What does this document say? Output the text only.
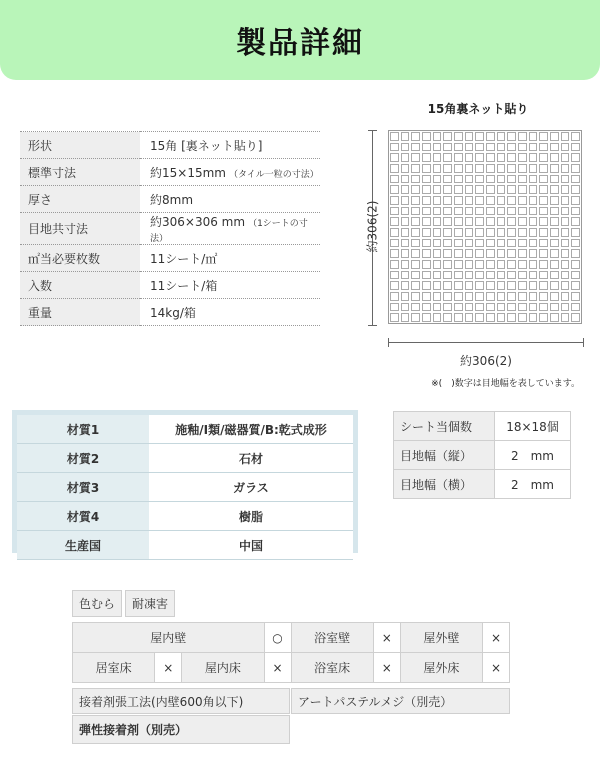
製品詳細
形状	15角 [裏ネット貼り]
標準寸法	約15×15mm （タイル一粒の寸法）
厚さ	約8mm
目地共寸法	約306×306 mm （1シートの寸法）
㎡当必要枚数	11シート/㎡
入数	11シート/箱
重量	14kg/箱
15角裏ネット貼り
約306(2)
約306(2)
※(　)数字は目地幅を表しています。
材質1	施釉/I類/磁器質/B:乾式成形
材質2	石材
材質3	ガラス
材質4	樹脂
生産国	中国
シート当個数	18×18個
目地幅（縦）	2　mm
目地幅（横）	2　mm
色むら	耐凍害
屋内壁			○	浴室壁	×	屋外壁	×
居室床	×	屋内床	×	浴室床	×	屋外床	×
接着剤張工法(内壁600角以下)	アートパステルメジ（別売）
弾性接着剤（別売）
